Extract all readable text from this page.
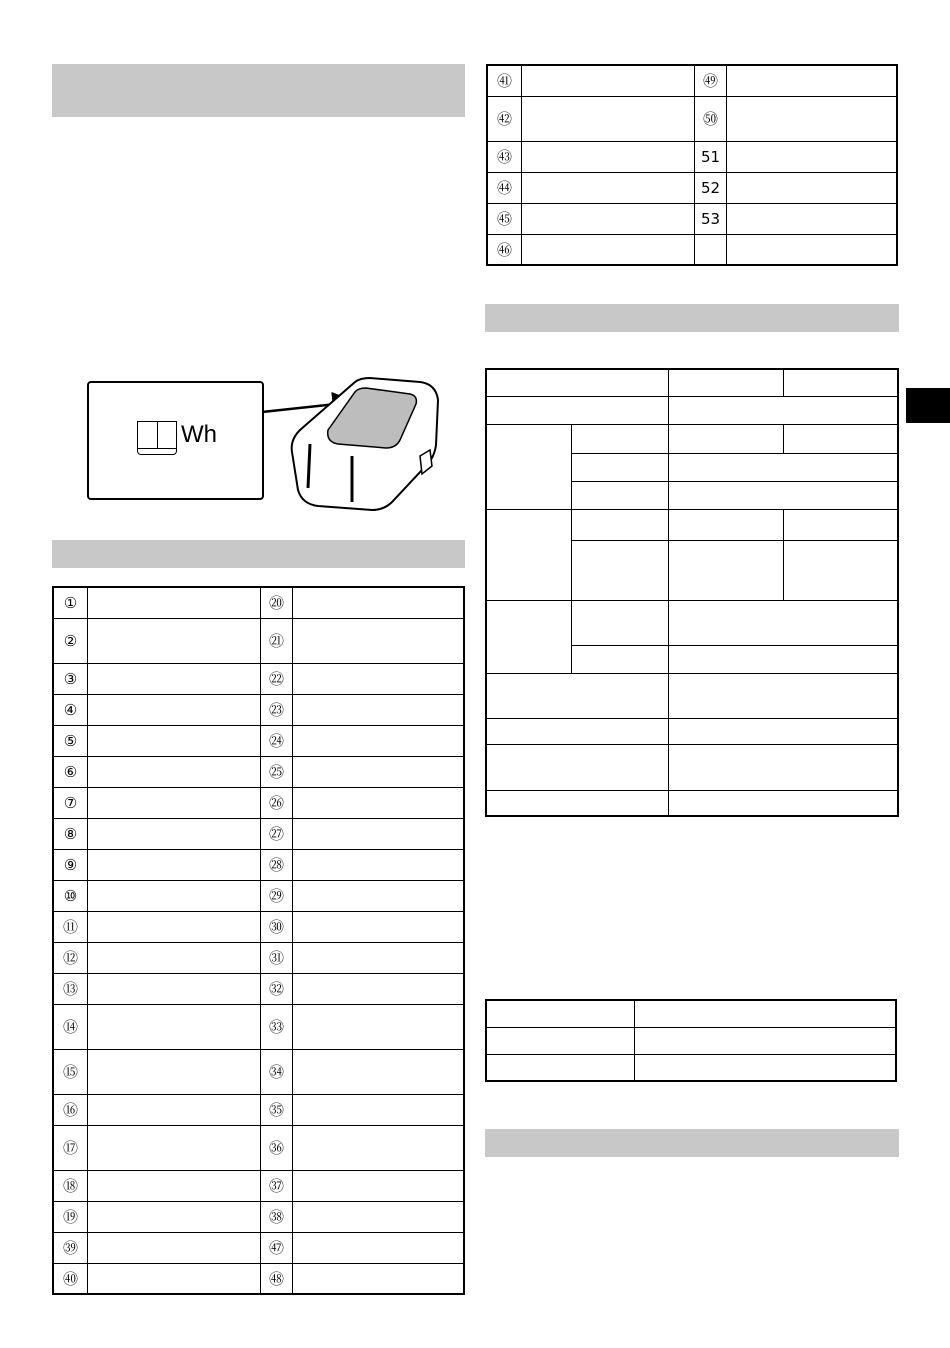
Wh
①		⑳	
②		㉑	
③		㉒	
④		㉓	
⑤		㉔	
⑥		㉕	
⑦		㉖	
⑧		㉗	
⑨		㉘	
⑩		㉙	
⑪		㉚	
⑫		㉛	
⑬		㉜	
⑭		㉝	
⑮		㉞	
⑯		㉟	
⑰		㊱	
⑱		㊲	
⑲		㊳	
㊴		㊼	
㊵		㊽	
㊶		㊾	
㊷		㊿	
㊸		51	
㊹		52	
㊺		53	
㊻			
